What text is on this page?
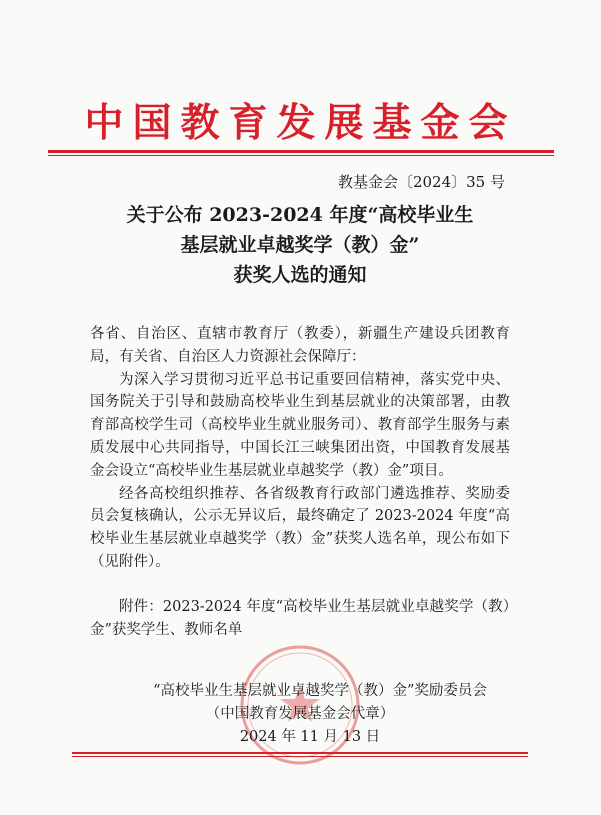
中国教育发展基金会
教基金会〔2024〕35 号
关于公布 2023-2024 年度“高校毕业生
基层就业卓越奖学（教）金”
获奖人选的通知

各省、自治区、直辖市教育厅（教委），新疆生产建设兵团教育局，有关省、自治区人力资源社会保障厅：

为深入学习贯彻习近平总书记重要回信精神，落实党中央、国务院关于引导和鼓励高校毕业生到基层就业的决策部署，由教育部高校学生司（高校毕业生就业服务司）、教育部学生服务与素质发展中心共同指导，中国长江三峡集团出资，中国教育发展基金会设立“高校毕业生基层就业卓越奖学（教）金”项目。

经各高校组织推荐、各省级教育行政部门遴选推荐、奖励委员会复核确认，公示无异议后，最终确定了 2023-2024 年度“高校毕业生基层就业卓越奖学（教）金”获奖人选名单，现公布如下（见附件）。

附件：2023-2024 年度“高校毕业生基层就业卓越奖学（教）金”获奖学生、教师名单

“高校毕业生基层就业卓越奖学（教）金”奖励委员会
（中国教育发展基金会代章）
2024 年 11 月 13 日
